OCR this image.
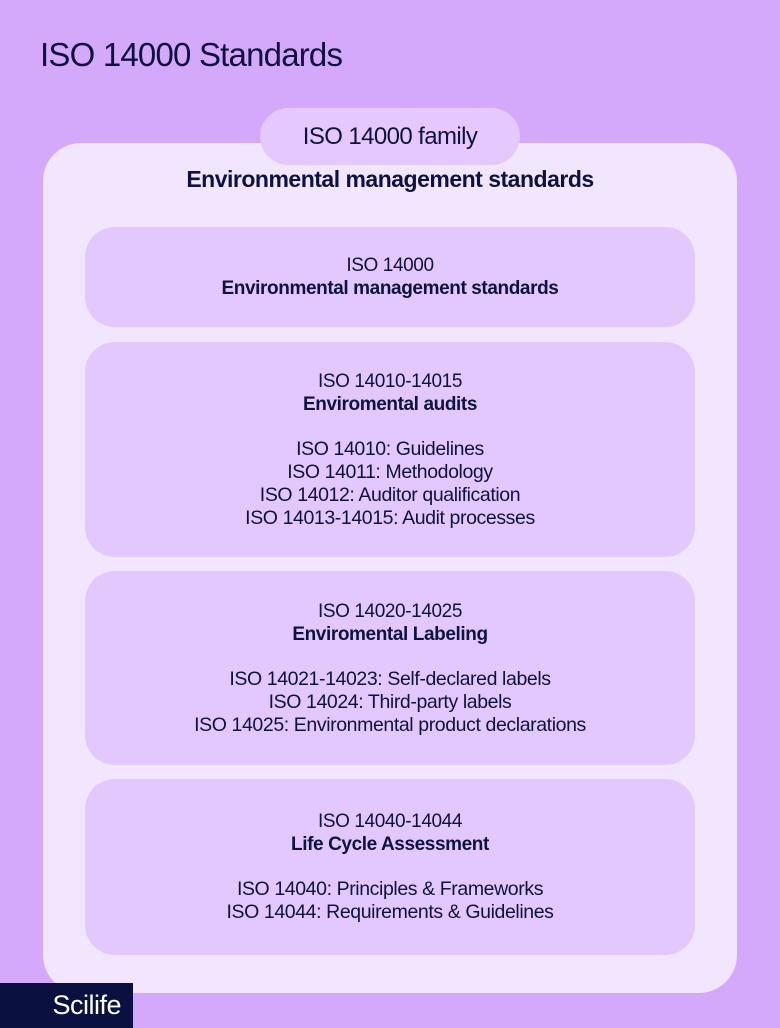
ISO 14000 Standards
ISO 14000 family
Environmental management standards
ISO 14000
Environmental management standards
ISO 14010-14015
Enviromental audits
ISO 14010: Guidelines
ISO 14011: Methodology
ISO 14012: Auditor qualification
ISO 14013-14015: Audit processes
ISO 14020-14025
Enviromental Labeling
ISO 14021-14023: Self-declared labels
ISO 14024: Third-party labels
ISO 14025: Environmental product declarations
ISO 14040-14044
Life Cycle Assessment
ISO 14040: Principles & Frameworks
ISO 14044: Requirements & Guidelines
Scilife
